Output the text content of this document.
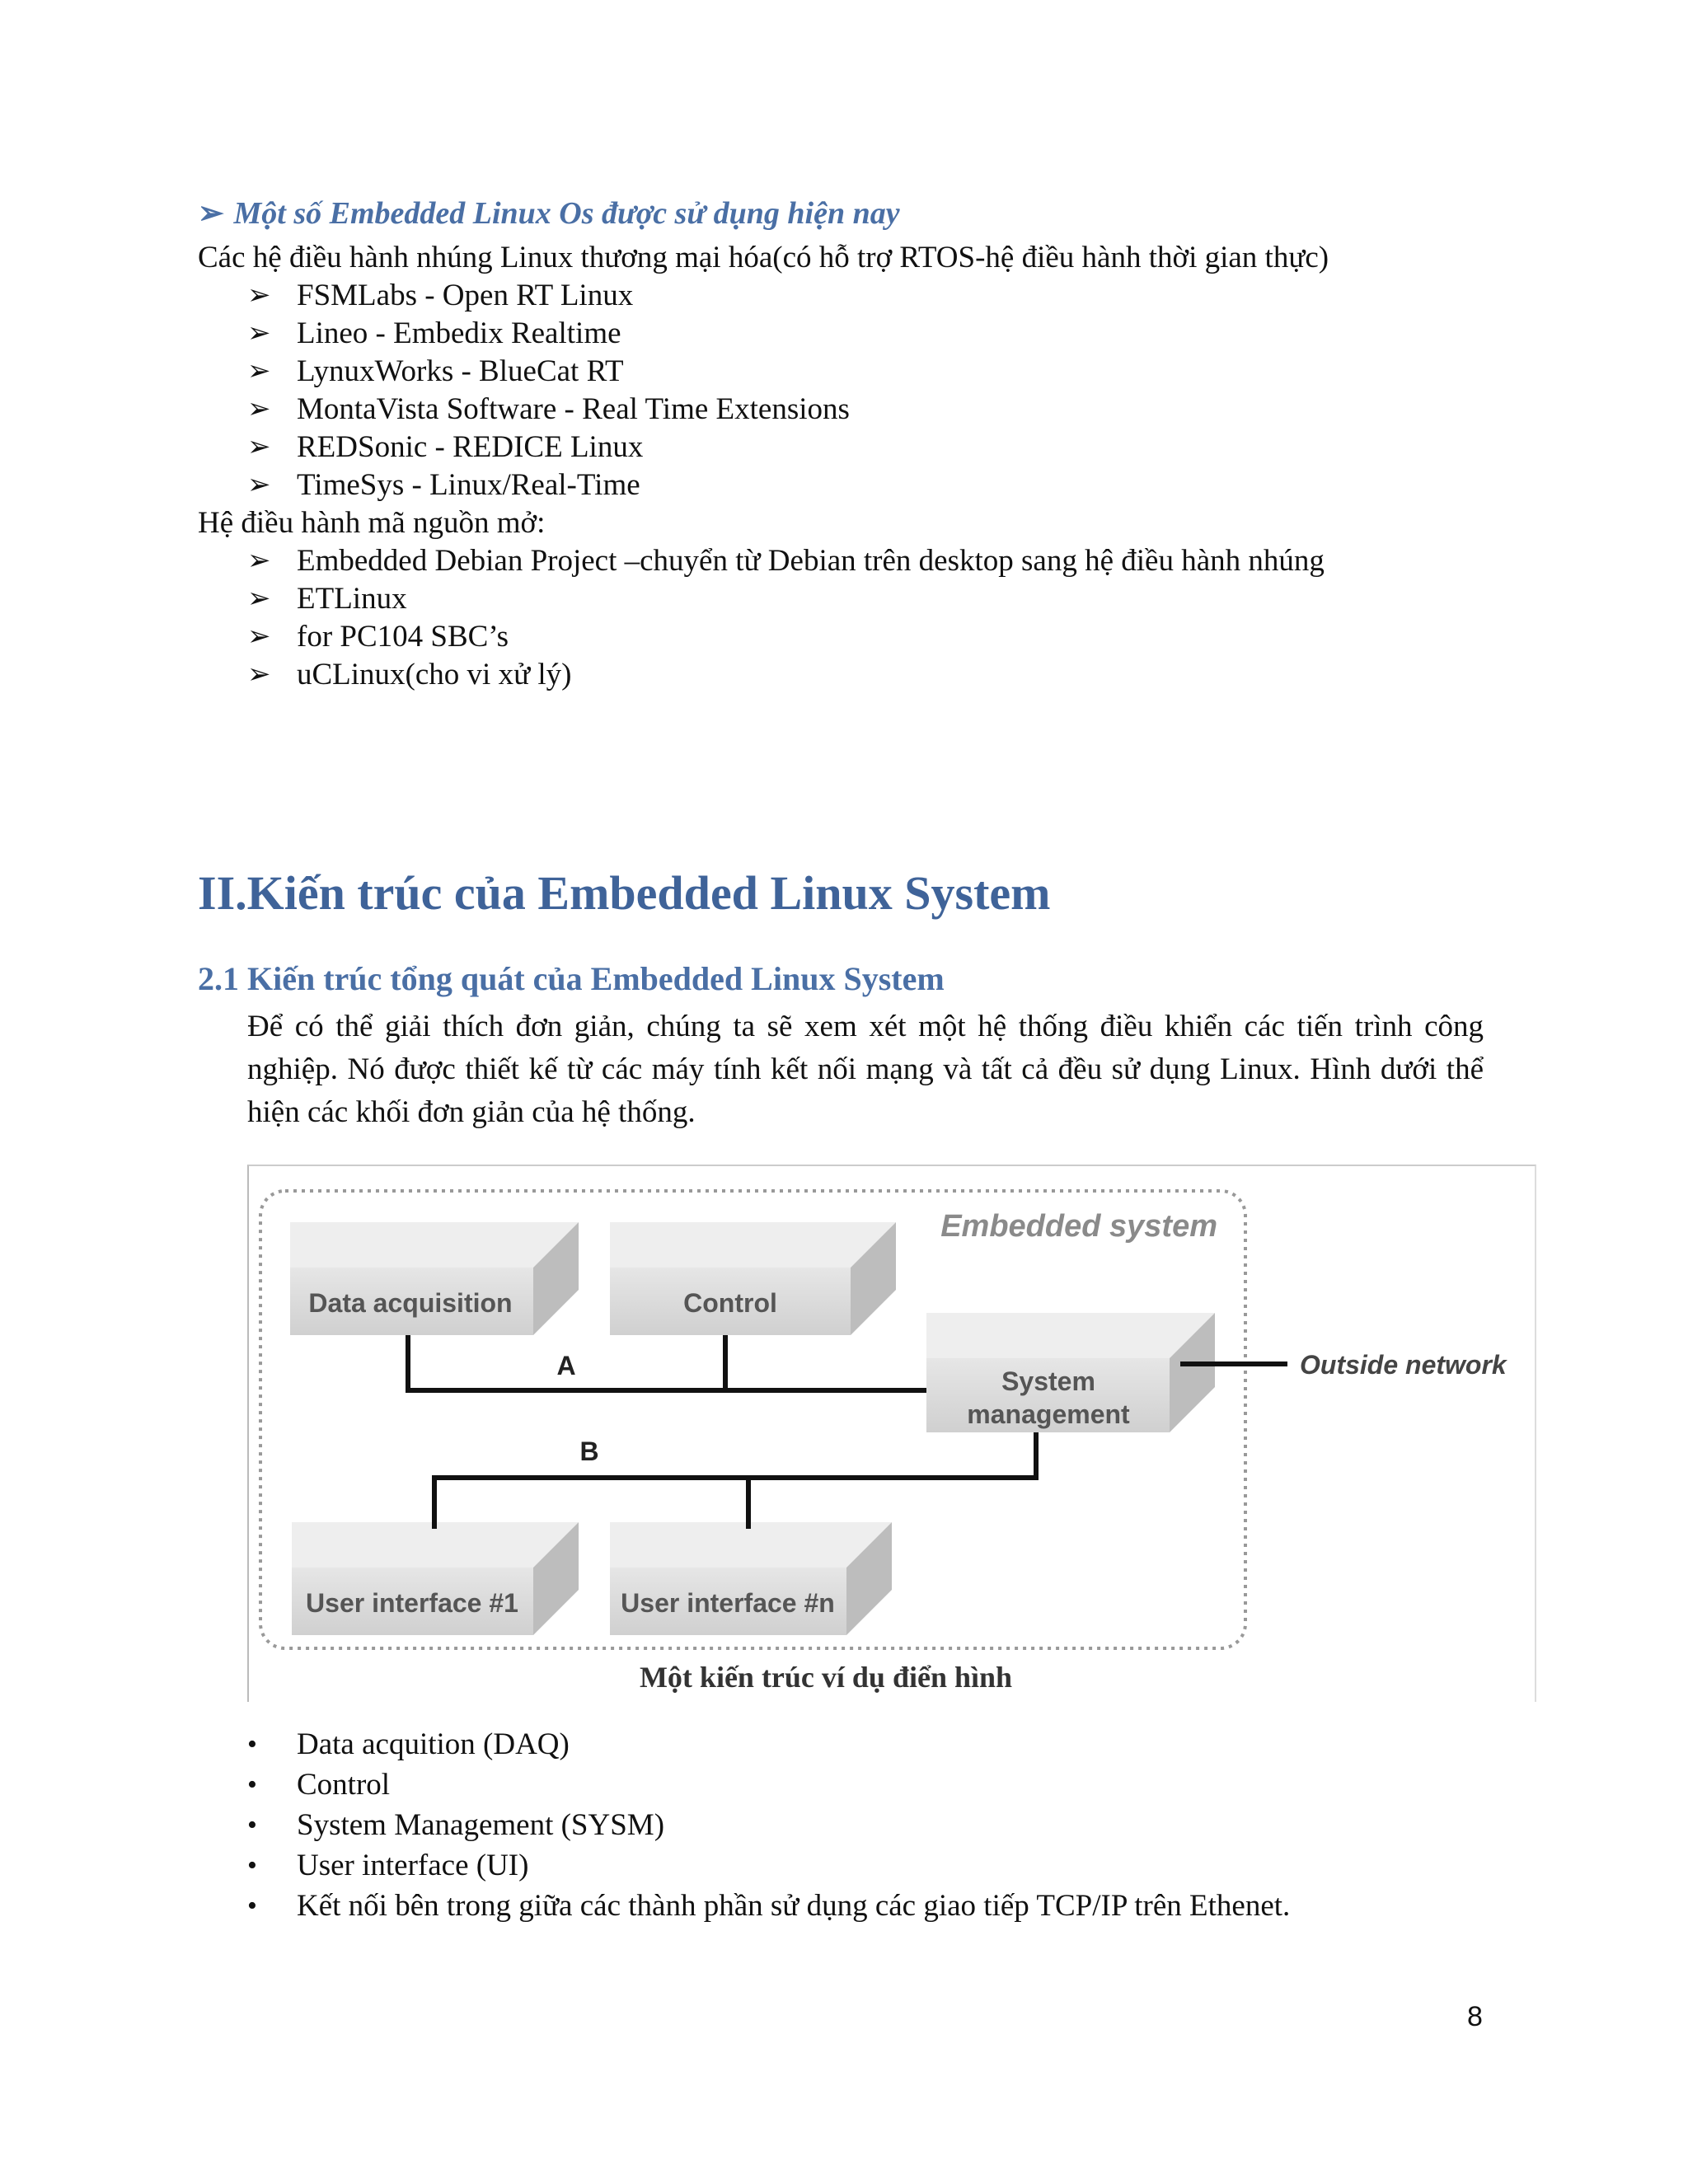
➢ Một số Embedded Linux Os được sử dụng hiện nay
Các hệ điều hành nhúng Linux thương mại hóa(có hỗ trợ RTOS-hệ điều hành thời gian thực)
➢ FSMLabs - Open RT Linux
➢ Lineo - Embedix Realtime
➢ LynuxWorks - BlueCat RT
➢ MontaVista Software - Real Time Extensions
➢ REDSonic - REDICE Linux
➢ TimeSys - Linux/Real-Time
Hệ điều hành mã nguồn mở:
➢ Embedded Debian Project –chuyển từ Debian trên desktop sang hệ điều hành nhúng
➢ ETLinux
➢ for PC104 SBC’s
➢ uCLinux(cho vi xử lý)
II.Kiến trúc của Embedded Linux System
2.1 Kiến trúc tổng quát của Embedded Linux System
Để có thể giải thích đơn giản, chúng ta sẽ xem xét một hệ thống điều khiển các tiến trình công nghiệp. Nó được thiết kế từ các máy tính kết nối mạng và tất cả đều sử dụng Linux. Hình dưới thể hiện các khối đơn giản của hệ thống.
Embedded system
Data acquisition	Control
System
management
User interface #1	User interface #n
A
B
Outside network
Một kiến trúc ví dụ điển hình
•	Data acquition (DAQ)
•	Control
•	System Management (SYSM)
•	User interface (UI)
•	Kết nối bên trong giữa các thành phần sử dụng các giao tiếp TCP/IP trên Ethenet.
8
